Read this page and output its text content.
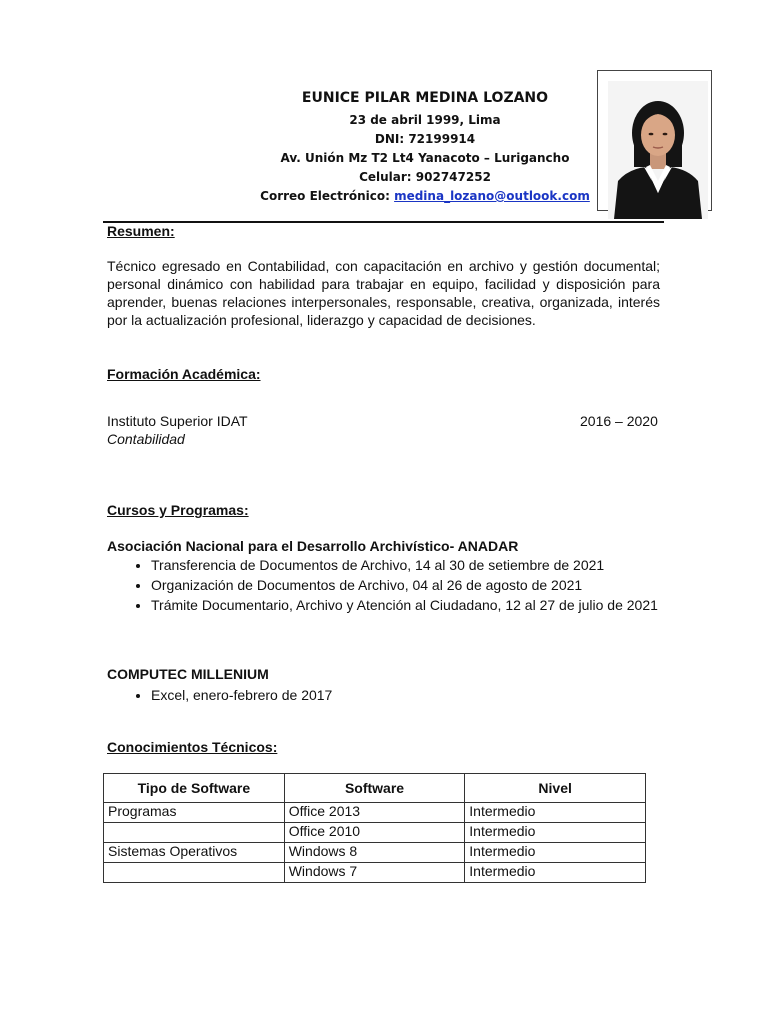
EUNICE PILAR MEDINA LOZANO
23 de abril 1999, Lima
DNI: 72199914
Av. Unión Mz T2 Lt4 Yanacoto – Lurigancho
Celular: 902747252
Correo Electrónico: medina_lozano@outlook.com
Resumen:

Técnico egresado en Contabilidad, con capacitación en archivo y gestión documental; personal dinámico con habilidad para trabajar en equipo, facilidad y disposición para aprender, buenas relaciones interpersonales, responsable, creativa, organizada, interés por la actualización profesional, liderazgo y capacidad de decisiones.

Formación Académica:
Instituto Superior IDAT	2016 – 2020
Contabilidad
Cursos y Programas:
Asociación Nacional para el Desarrollo Archivístico- ANADAR
• Transferencia de Documentos de Archivo, 14 al 30 de setiembre de 2021
• Organización de Documentos de Archivo, 04 al 26 de agosto de 2021
• Trámite Documentario, Archivo y Atención al Ciudadano, 12 al 27 de julio de 2021
COMPUTEC MILLENIUM
• Excel, enero-febrero de 2017
Conocimientos Técnicos:
Tipo de Software	Software	Nivel
Programas	Office 2013	Intermedio
	Office 2010	Intermedio
Sistemas Operativos	Windows 8	Intermedio
	Windows 7	Intermedio
